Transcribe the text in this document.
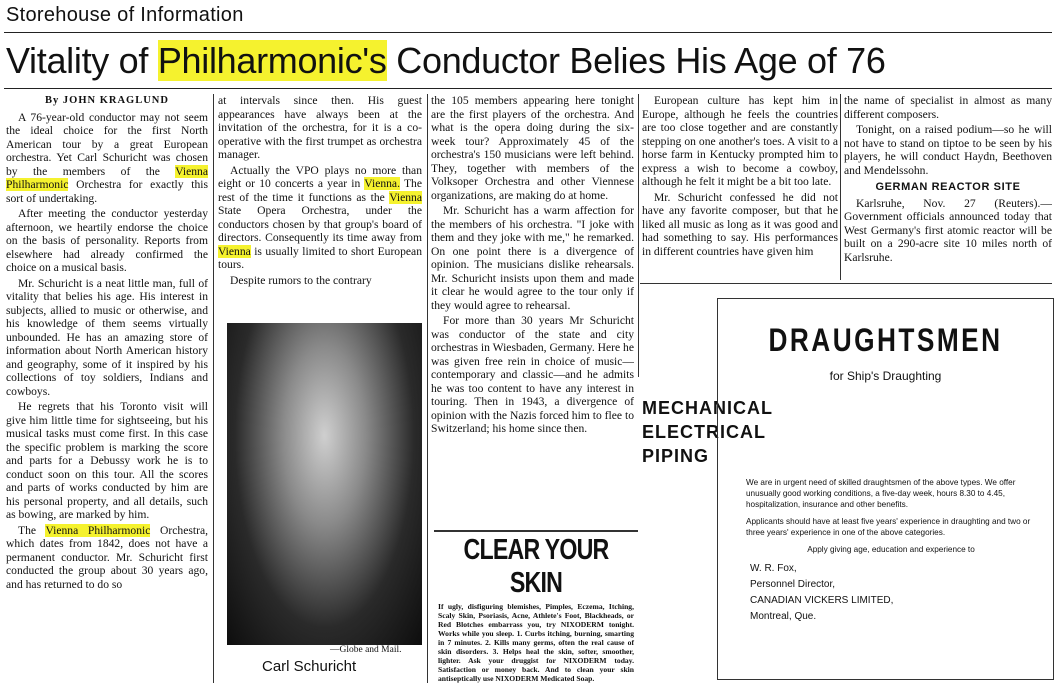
Storehouse of Information
Vitality of Philharmonic's Conductor Belies His Age of 76
By JOHN KRAGLUND

A 76-year-old conductor may not seem the ideal choice for the first North American tour by a great European orchestra. Yet Carl Schuricht was chosen by the members of the Vienna Philharmonic Orchestra for exactly this sort of undertaking.

After meeting the conductor yesterday afternoon, we heartily endorse the choice on the basis of personality. Reports from elsewhere had already confirmed the choice on a musical basis.

Mr. Schuricht is a neat little man, full of vitality that belies his age. His interest in subjects, allied to music or otherwise, and his knowledge of them seems virtually unbounded. He has an amazing store of information about North American history and geography, some of it inspired by his collections of toy soldiers, Indians and cowboys.

He regrets that his Toronto visit will give him little time for sightseeing, but his musical tasks must come first. In this case the specific problem is marking the score and parts for a Debussy work he is to conduct soon on this tour. All the scores and parts of works conducted by him are his personal property, and all details, such as bowing, are marked by him.

The Vienna Philharmonic Orchestra, which dates from 1842, does not have a permanent conductor. Mr. Schuricht first conducted the group about 30 years ago, and has returned to do so

at intervals since then. His guest appearances have always been at the invitation of the orchestra, for it is a co-operative with the first trumpet as orchestra manager.

Actually the VPO plays no more than eight or 10 concerts a year in Vienna. The rest of the time it functions as the Vienna State Opera Orchestra, under the conductors chosen by that group's board of directors. Consequently its time away from Vienna is usually limited to short European tours.

Despite rumors to the contrary

—Globe and Mail.
Carl Schuricht

the 105 members appearing here tonight are the first players of the orchestra. And what is the opera doing during the six-week tour? Approximately 45 of the orchestra's 150 musicians were left behind. They, together with members of the Volksoper Orchestra and other Viennese organizations, are making do at home.

Mr. Schuricht has a warm affection for the members of his orchestra. "I joke with them and they joke with me," he remarked. On one point there is a divergence of opinion. The musicians dislike rehearsals. Mr. Schuricht insists upon them and made it clear he would agree to the tour only if they would agree to rehearsal.

For more than 30 years Mr Schuricht was conductor of the state and city orchestras in Wiesbaden, Germany. Here he was given free rein in choice of music—contemporary and classic—and he admits he was too content to have any interest in touring. Then in 1943, a divergence of opinion with the Nazis forced him to flee to Switzerland; his home since then.

CLEAR YOUR SKIN
If ugly, disfiguring blemishes, Pimples, Eczema, Itching, Scaly Skin, Psoriasis, Acne, Athlete's Foot, Blackheads, or Red Blotches embarrass you, try NIXODERM tonight. Works while you sleep. 1. Curbs itching, burning, smarting in 7 minutes. 2. Kills many germs, often the real cause of skin disorders. 3. Helps heal the skin, softer, smoother, lighter. Ask your druggist for NIXODERM today. Satisfaction or money back. And to clean your skin antiseptically use NIXODERM Medicated Soap.

European culture has kept him in Europe, although he feels the countries are too close together and are constantly stepping on one another's toes. A visit to a horse farm in Kentucky prompted him to express a wish to become a cowboy, although he felt it might be a bit too late.

Mr. Schuricht confessed he did not have any favorite composer, but that he liked all music as long as it was good and had something to say. His performances in different countries have given him

the name of specialist in almost as many different composers.

Tonight, on a raised podium—so he will not have to stand on tiptoe to be seen by his players, he will conduct Haydn, Beethoven and Mendelssohn.

GERMAN REACTOR SITE

Karlsruhe, Nov. 27 (Reuters).—Government officials announced today that West Germany's first atomic reactor will be built on a 290-acre site 10 miles north of Karlsruhe.

MECHANICAL
ELECTRICAL
PIPING
DRAUGHTSMEN
for Ship's Draughting

We are in urgent need of skilled draughtsmen of the above types. We offer unusually good working conditions, a five-day week, hours 8.30 to 4.45, hospitalization, insurance and other benefits.

Applicants should have at least five years' experience in draughting and two or three years' experience in one of the above categories.

Apply giving age, education and experience to

W. R. Fox,
Personnel Director,
CANADIAN VICKERS LIMITED,
Montreal, Que.
